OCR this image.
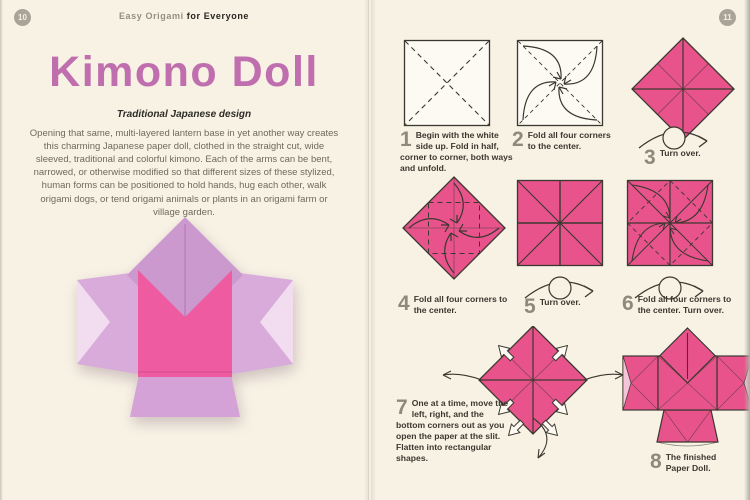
10	11
Easy Origami for Everyone
Kimono Doll
Traditional Japanese design

Opening that same, multi-layered lantern base in yet another way creates this charming Japanese paper doll, clothed in the straight cut, wide sleeved, traditional and colorful kimono. Each of the arms can be bent, narrowed, or otherwise modified so that different sizes of these stylized, human forms can be positioned to hold hands, hug each other, walk origami dogs, or tend origami animals or plants in an origami farm or village garden.

1 Begin with the white side up. Fold in half, corner to corner, both ways and unfold.
2 Fold all four corners to the center.	3 Turn over.
4 Fold all four corners to the center.	5 Turn over.	6 Fold all four corners to the center. Turn over.
7 One at a time, move the left, right, and the bottom corners out as you open the paper at the slit. Flatten into rectangular shapes.	8 The finished Paper Doll.
